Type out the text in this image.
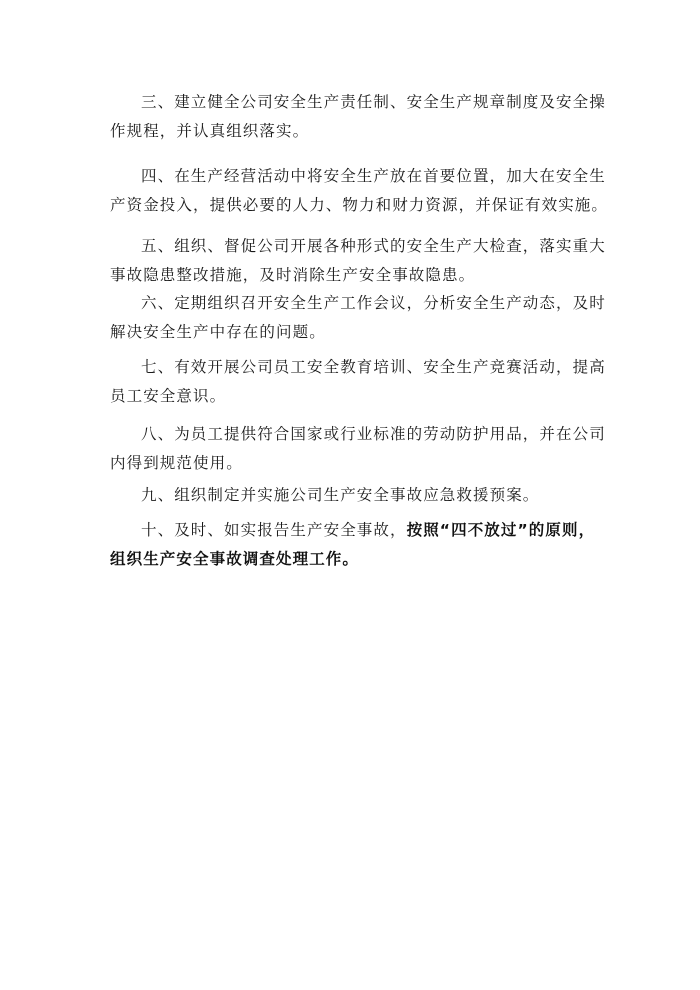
三、建立健全公司安全生产责任制、安全生产规章制度及安全操
作规程，并认真组织落实。

四、在生产经营活动中将安全生产放在首要位置，加大在安全生
产资金投入，提供必要的人力、物力和财力资源，并保证有效实施。

五、组织、督促公司开展各种形式的安全生产大检查，落实重大
事故隐患整改措施，及时消除生产安全事故隐患。

六、定期组织召开安全生产工作会议，分析安全生产动态，及时
解决安全生产中存在的问题。

七、有效开展公司员工安全教育培训、安全生产竞赛活动，提高
员工安全意识。

八、为员工提供符合国家或行业标准的劳动防护用品，并在公司
内得到规范使用。

九、组织制定并实施公司生产安全事故应急救援预案。

十、及时、如实报告生产安全事故，按照“四不放过”的原则，
组织生产安全事故调查处理工作。
